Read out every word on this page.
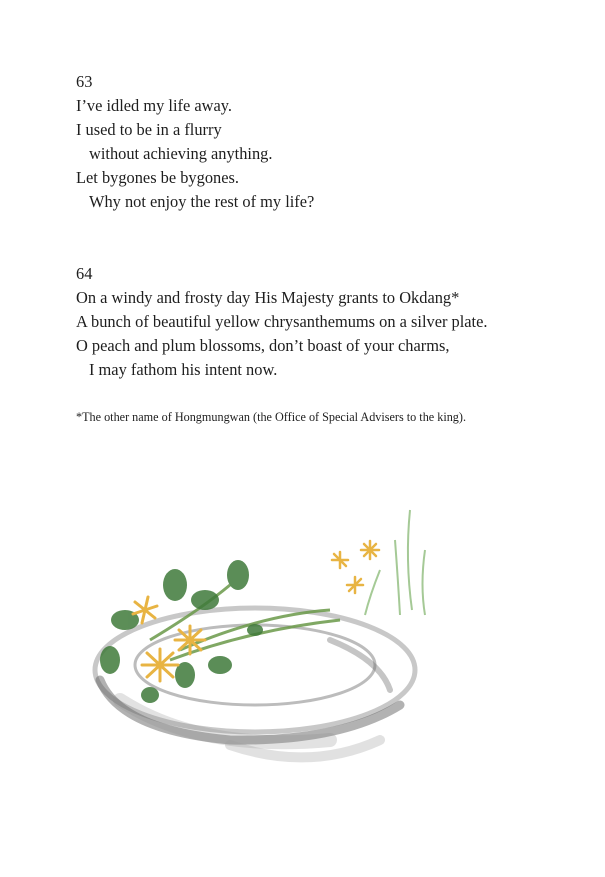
63
I’ve idled my life away.
I used to be in a flurry
without achieving anything.
Let bygones be bygones.
Why not enjoy the rest of my life?
64
On a windy and frosty day His Majesty grants to Okdang*
A bunch of beautiful yellow chrysanthemums on a silver plate.
O peach and plum blossoms, don’t boast of your charms,
I may fathom his intent now.
*The other name of Hongmungwan (the Office of Special Advisers to the king).
